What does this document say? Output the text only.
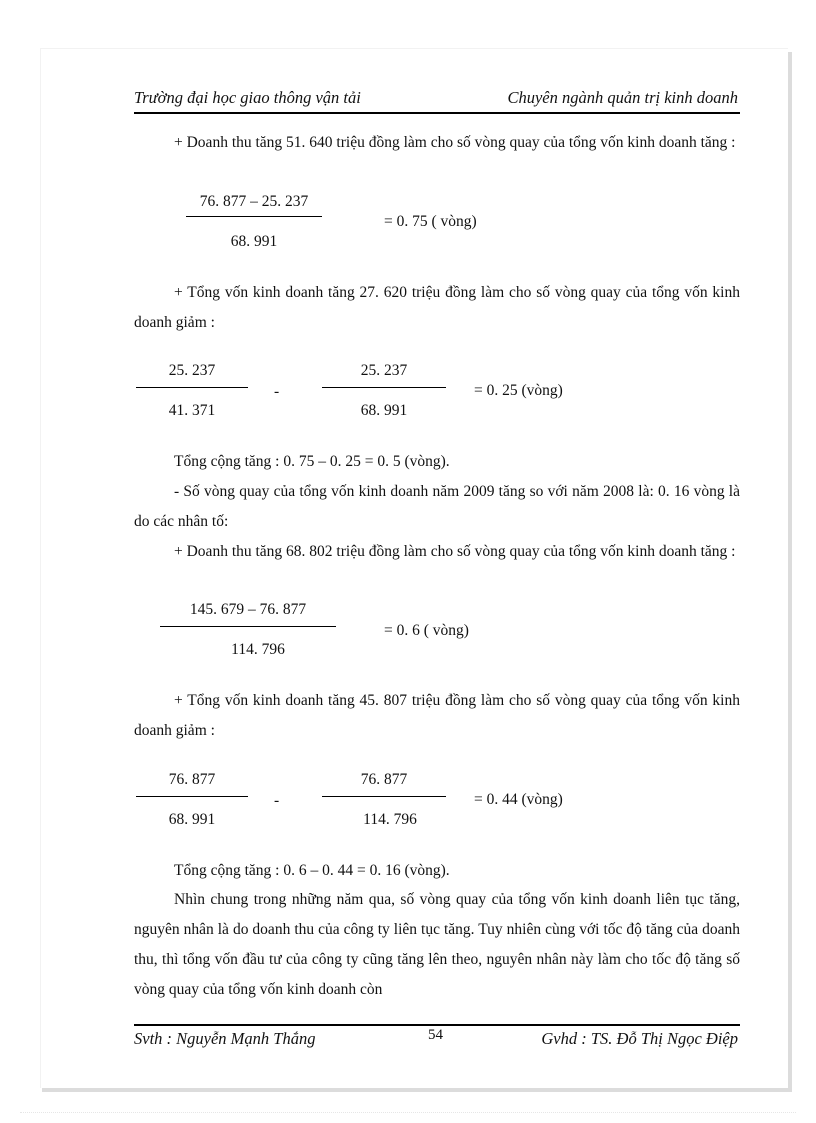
Trường đại học giao thông vận tải	Chuyên ngành quản trị kinh doanh
+ Doanh thu tăng 51. 640 triệu đồng làm cho số vòng quay của tổng vốn kinh doanh tăng :
76. 877 – 25. 237
68. 991
= 0. 75 ( vòng)
+ Tổng vốn kinh doanh tăng 27. 620 triệu đồng làm cho số vòng quay của tổng vốn kinh doanh giảm :
25. 237
41. 371
-
25. 237
68. 991
= 0. 25 (vòng)
Tổng cộng tăng : 0. 75 – 0. 25 = 0. 5 (vòng).
- Số vòng quay của tổng vốn kinh doanh năm 2009 tăng so với năm 2008 là: 0. 16 vòng là do các nhân tố:
+ Doanh thu tăng 68. 802 triệu đồng làm cho số vòng quay của tổng vốn kinh doanh tăng :
145. 679 – 76. 877
114. 796
= 0. 6 ( vòng)
+ Tổng vốn kinh doanh tăng 45. 807 triệu đồng làm cho số vòng quay của tổng vốn kinh doanh giảm :
76. 877
68. 991
-
76. 877
114. 796
= 0. 44 (vòng)
Tổng cộng tăng : 0. 6 – 0. 44 = 0. 16 (vòng).
Nhìn chung trong những năm qua, số vòng quay của tổng vốn kinh doanh liên tục tăng, nguyên nhân là do doanh thu của công ty liên tục tăng. Tuy nhiên cùng với tốc độ tăng của doanh thu, thì tổng vốn đầu tư của công ty cũng tăng lên theo, nguyên nhân này làm cho tốc độ tăng số vòng quay của tổng vốn kinh doanh còn
Svth : Nguyễn Mạnh Thắng	54	Gvhd : TS. Đỗ Thị Ngọc Điệp
